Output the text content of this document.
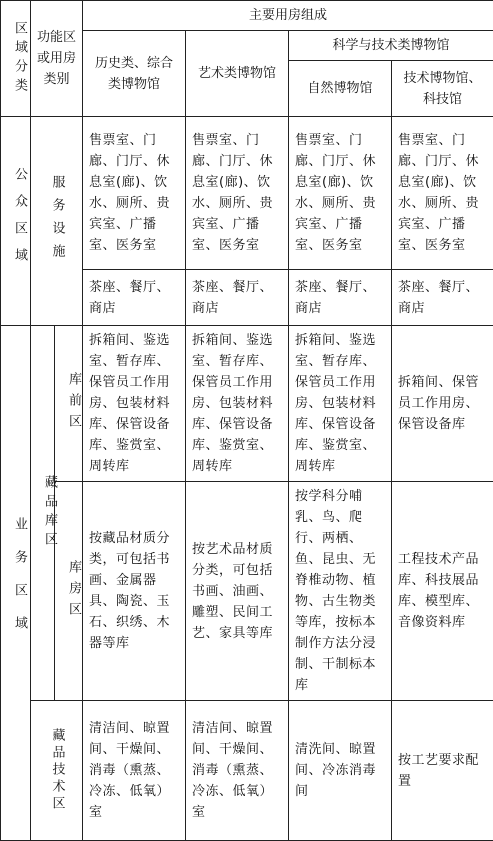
区域分类	功能区或用房类别		主要用房组成			
			历史类、综合类博物馆	艺术类博物馆	科学与技术类博物馆	
					自然博物馆	技术博物馆、科技馆

公众区域	服务设施		售票室、门廊、门厅、休息室(廊)、饮水、厕所、贵宾室、广播室、医务室	售票室、门廊、门厅、休息室(廊)、饮水、厕所、贵宾室、广播室、医务室	售票室、门廊、门厅、休息室(廊)、饮水、厕所、贵宾室、广播室、医务室	售票室、门廊、门厅、休息室(廊)、饮水、厕所、贵宾室、广播室、医务室
			茶座、餐厅、商店	茶座、餐厅、商店	茶座、餐厅、商店	茶座、餐厅、商店

业务区域	藏品库区	库前区	拆箱间、鉴选室、暂存库、保管员工作用房、包装材料库、保管设备库、鉴赏室、周转库	拆箱间、鉴选室、暂存库、保管员工作用房、包装材料库、保管设备库、鉴赏室、周转库	拆箱间、鉴选室、暂存库、保管员工作用房、包装材料库、保管设备库、鉴赏室、周转库	拆箱间、保管员工作用房、保管设备库

		库房区	按藏品材质分类，可包括书画、金属器具、陶瓷、玉石、织绣、木器等库	按艺术品材质分类，可包括书画、油画、雕塑、民间工艺、家具等库	按学科分哺乳、鸟、爬行、两栖、鱼、昆虫、无脊椎动物、植物、古生物类等库，按标本制作方法分浸制、干制标本库	工程技术产品库、科技展品库、模型库、音像资料库

	藏品技术区		清洁间、晾置间、干燥间、消毒（熏蒸、冷冻、低氧）室	清洁间、晾置间、干燥间、消毒（熏蒸、冷冻、低氧）室	清洗间、晾置间、冷冻消毒间	按工艺要求配置
